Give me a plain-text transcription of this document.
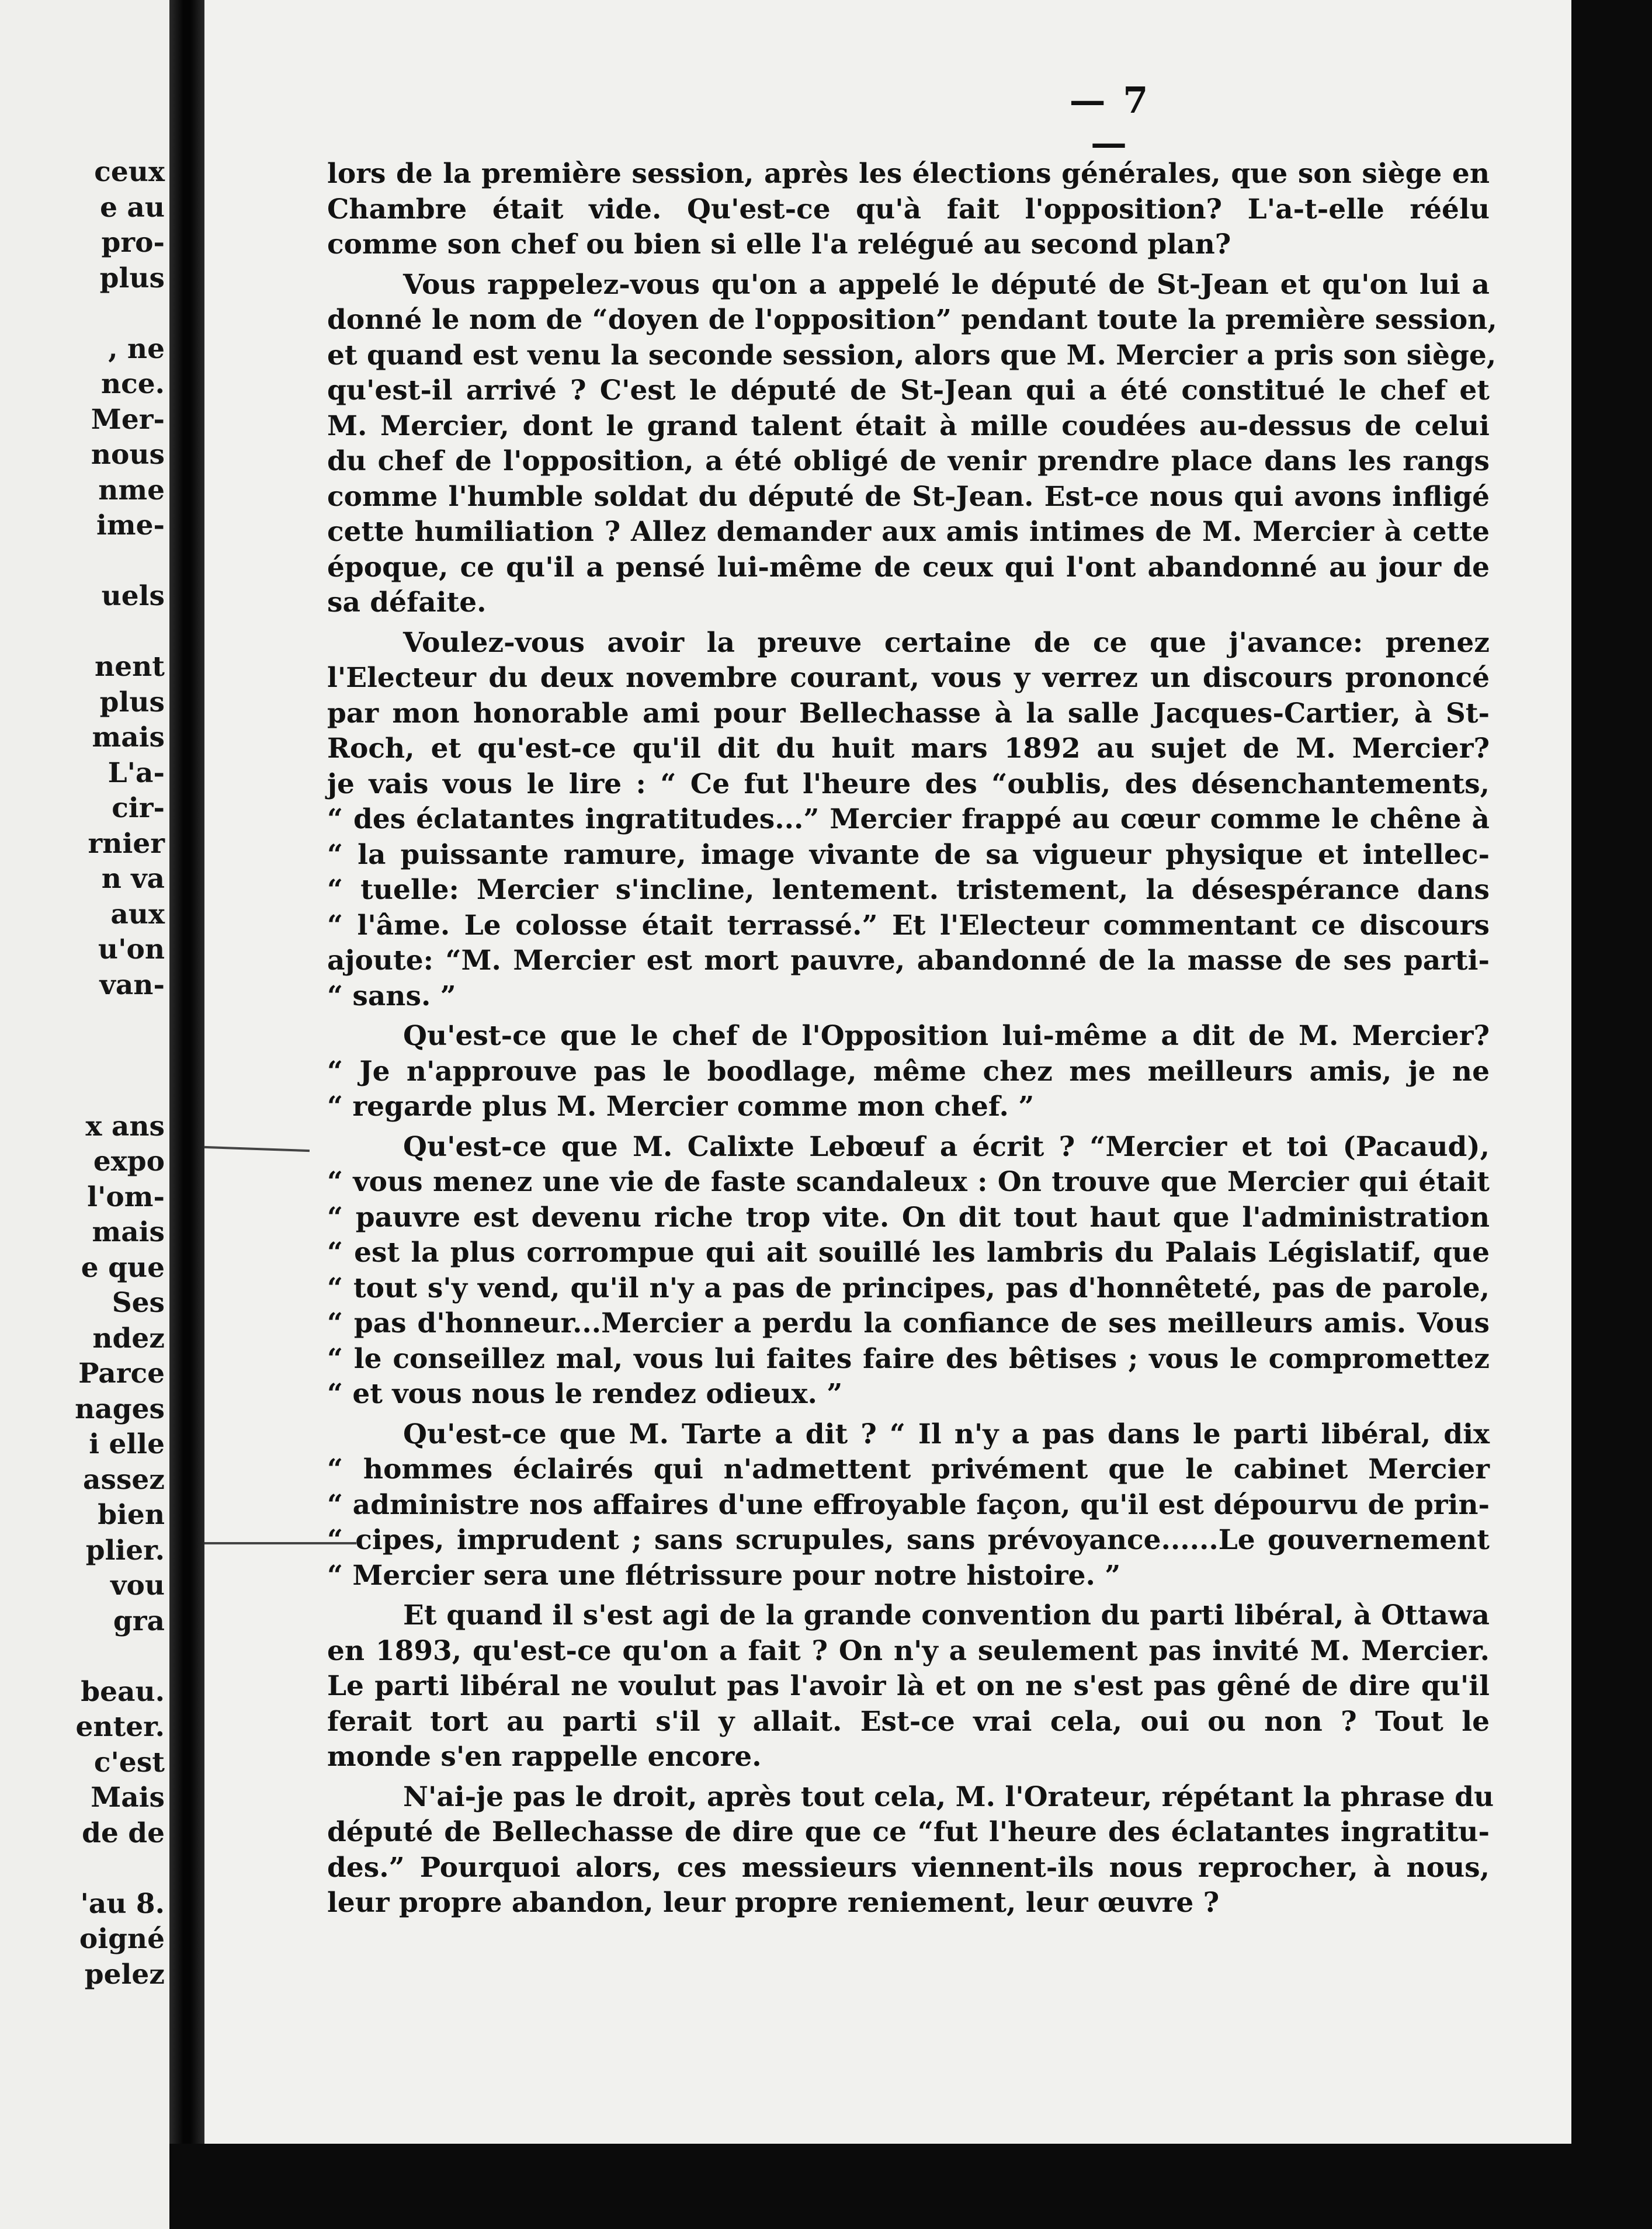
ceux
e au
pro-
plus
, ne
nce.
Mer-
nous
nme
ime-
uels
nent
plus
mais
L'a-
cir-
rnier
n va
aux
u'on
van-
x ans
expo
l'om-
mais
e que
Ses
ndez
Parce
nages
i elle
assez
bien
plier.
vou
gra
beau.
enter.
c'est
Mais
de de
'au 8.
oigné
pelez
— 7 —
lors de la première session, après les élections générales, que son siège en
Chambre était vide. Qu'est-ce qu'à fait l'opposition? L'a-t-elle réélu
comme son chef ou bien si elle l'a relégué au second plan?
Vous rappelez-vous qu'on a appelé le député de St-Jean et qu'on lui a
donné le nom de “doyen de l'opposition” pendant toute la première session,
et quand est venu la seconde session, alors que M. Mercier a pris son siège,
qu'est-il arrivé ? C'est le député de St-Jean qui a été constitué le chef et
M. Mercier, dont le grand talent était à mille coudées au-dessus de celui
du chef de l'opposition, a été obligé de venir prendre place dans les rangs
comme l'humble soldat du député de St-Jean. Est-ce nous qui avons infligé
cette humiliation ? Allez demander aux amis intimes de M. Mercier à cette
époque, ce qu'il a pensé lui-même de ceux qui l'ont abandonné au jour de
sa défaite.
Voulez-vous avoir la preuve certaine de ce que j'avance: prenez
l'Electeur du deux novembre courant, vous y verrez un discours prononcé
par mon honorable ami pour Bellechasse à la salle Jacques-Cartier, à St-
Roch, et qu'est-ce qu'il dit du huit mars 1892 au sujet de M. Mercier?
je vais vous le lire : “ Ce fut l'heure des “oublis, des désenchantements,
“ des éclatantes ingratitudes...” Mercier frappé au cœur comme le chêne à
“ la puissante ramure, image vivante de sa vigueur physique et intellec-
“ tuelle: Mercier s'incline, lentement. tristement, la désespérance dans
“ l'âme. Le colosse était terrassé.” Et l'Electeur commentant ce discours
ajoute: “M. Mercier est mort pauvre, abandonné de la masse de ses parti-
“ sans. ”
Qu'est-ce que le chef de l'Opposition lui-même a dit de M. Mercier?
“ Je n'approuve pas le boodlage, même chez mes meilleurs amis, je ne
“ regarde plus M. Mercier comme mon chef. ”
Qu'est-ce que M. Calixte Lebœuf a écrit ? “Mercier et toi (Pacaud),
“ vous menez une vie de faste scandaleux : On trouve que Mercier qui était
“ pauvre est devenu riche trop vite. On dit tout haut que l'administration
“ est la plus corrompue qui ait souillé les lambris du Palais Législatif, que
“ tout s'y vend, qu'il n'y a pas de principes, pas d'honnêteté, pas de parole,
“ pas d'honneur...Mercier a perdu la confiance de ses meilleurs amis. Vous
“ le conseillez mal, vous lui faites faire des bêtises ; vous le compromettez
“ et vous nous le rendez odieux. ”
Qu'est-ce que M. Tarte a dit ? “ Il n'y a pas dans le parti libéral, dix
“ hommes éclairés qui n'admettent privément que le cabinet Mercier
“ administre nos affaires d'une effroyable façon, qu'il est dépourvu de prin-
“ cipes, imprudent ; sans scrupules, sans prévoyance......Le gouvernement
“ Mercier sera une flétrissure pour notre histoire. ”
Et quand il s'est agi de la grande convention du parti libéral, à Ottawa
en 1893, qu'est-ce qu'on a fait ? On n'y a seulement pas invité M. Mercier.
Le parti libéral ne voulut pas l'avoir là et on ne s'est pas gêné de dire qu'il
ferait tort au parti s'il y allait. Est-ce vrai cela, oui ou non ? Tout le
monde s'en rappelle encore.
N'ai-je pas le droit, après tout cela, M. l'Orateur, répétant la phrase du
député de Bellechasse de dire que ce “fut l'heure des éclatantes ingratitu-
des.” Pourquoi alors, ces messieurs viennent-ils nous reprocher, à nous,
leur propre abandon, leur propre reniement, leur œuvre ?
